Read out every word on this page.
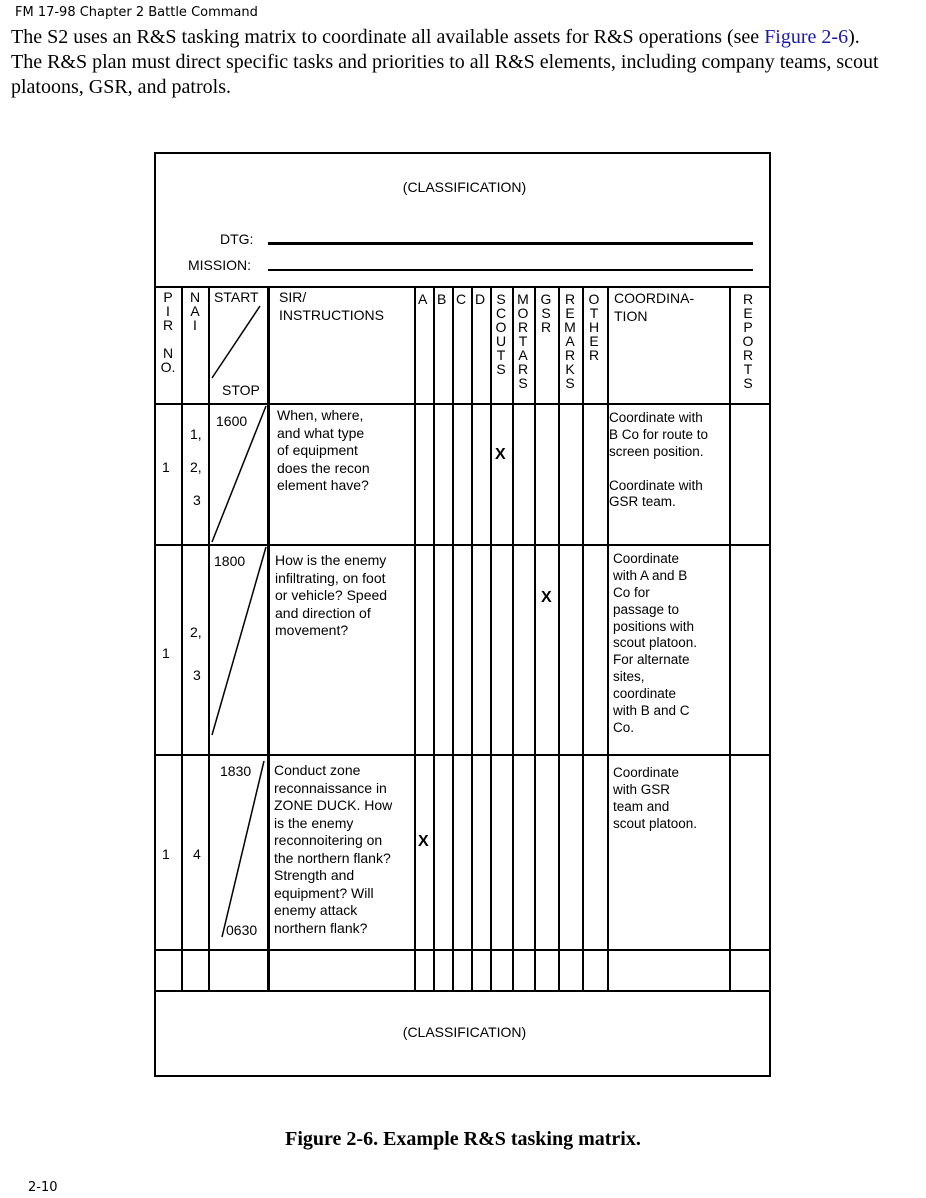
FM 17-98 Chapter 2 Battle Command
The S2 uses an R&S tasking matrix to coordinate all available assets for R&S operations (see Figure 2-6). The R&S plan must direct specific tasks and priorities to all R&S elements, including company teams, scout platoons, GSR, and patrols.
(CLASSIFICATION)
DTG:
MISSION:
P
I
R

N
O.
N
A
I
START
STOP
SIR/
INSTRUCTIONS
A B C D S
C
O
U
T
S
M
O
R
T
A
R
S
G
S
R
R
E
M
A
R
K
S
O
T
H
E
R
COORDINA-
TION
R
E
P
O
R
T
S
1
1,
2,
3
1600 When, where,
and what type
of equipment
does the recon
element have?
X
Coordinate with
B Co for route to
screen position.

Coordinate with
GSR team.
1
2,
3
1800 How is the enemy
infiltrating, on foot
or vehicle? Speed
and direction of
movement?
X
Coordinate
with A and B
Co for
passage to
positions with
scout platoon.
For alternate
sites,
coordinate
with B and C
Co.
1 4
1830
0630
Conduct zone
reconnaissance in
ZONE DUCK. How
is the enemy
reconnoitering on
the northern flank?
Strength and
equipment? Will
enemy attack
northern flank?
X
Coordinate
with GSR
team and
scout platoon.
(CLASSIFICATION)
Figure 2-6. Example R&S tasking matrix.
2-10
